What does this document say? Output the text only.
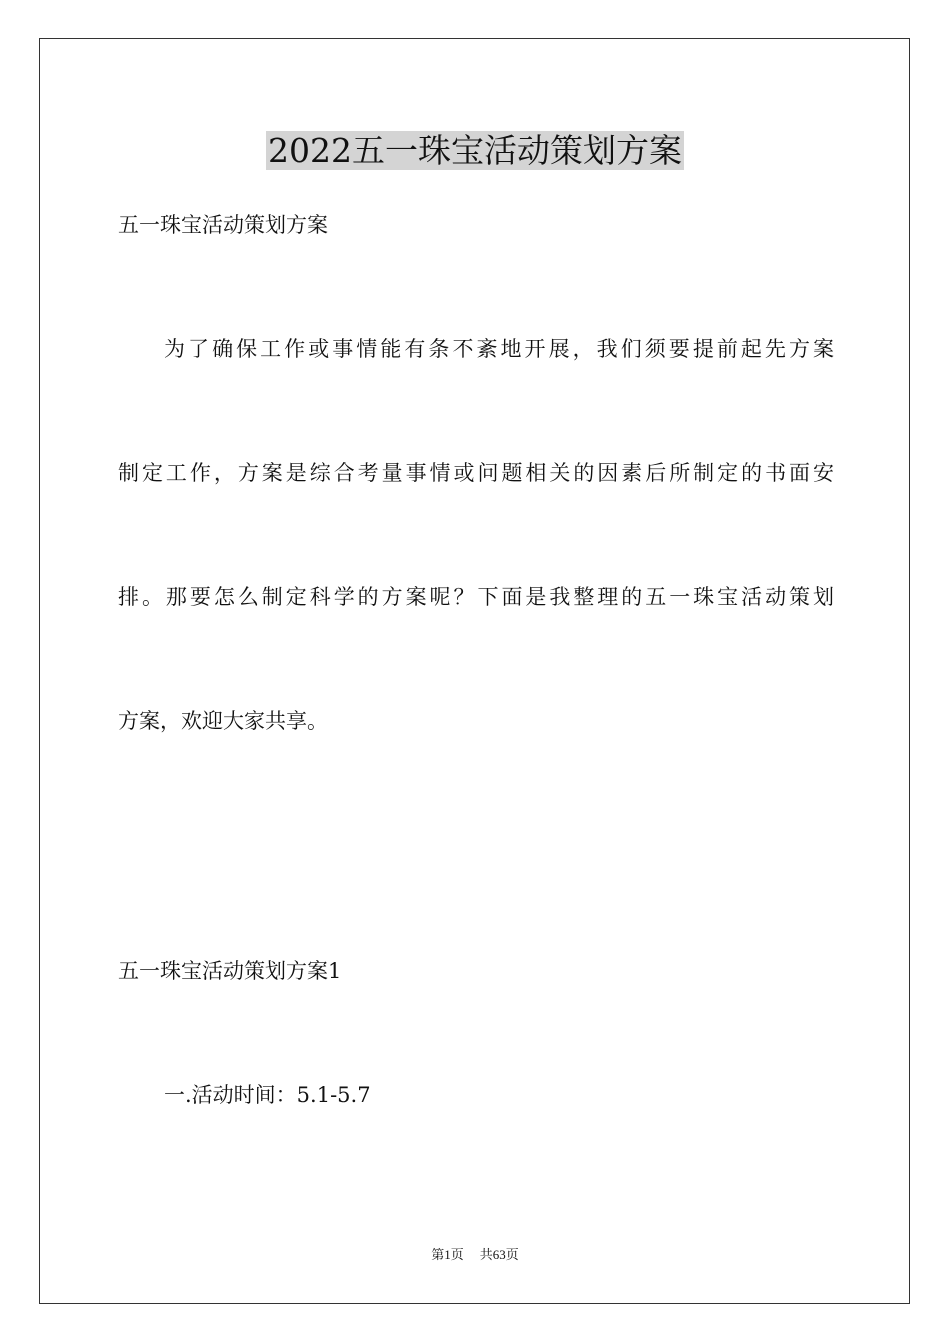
2022五一珠宝活动策划方案

五一珠宝活动策划方案

为了确保工作或事情能有条不紊地开展，我们须要提前起先方案

制定工作，方案是综合考量事情或问题相关的因素后所制定的书面安

排。那要怎么制定科学的方案呢？下面是我整理的五一珠宝活动策划

方案，欢迎大家共享。

五一珠宝活动策划方案1

一.活动时间：5.1-5.7

第1页 共63页
